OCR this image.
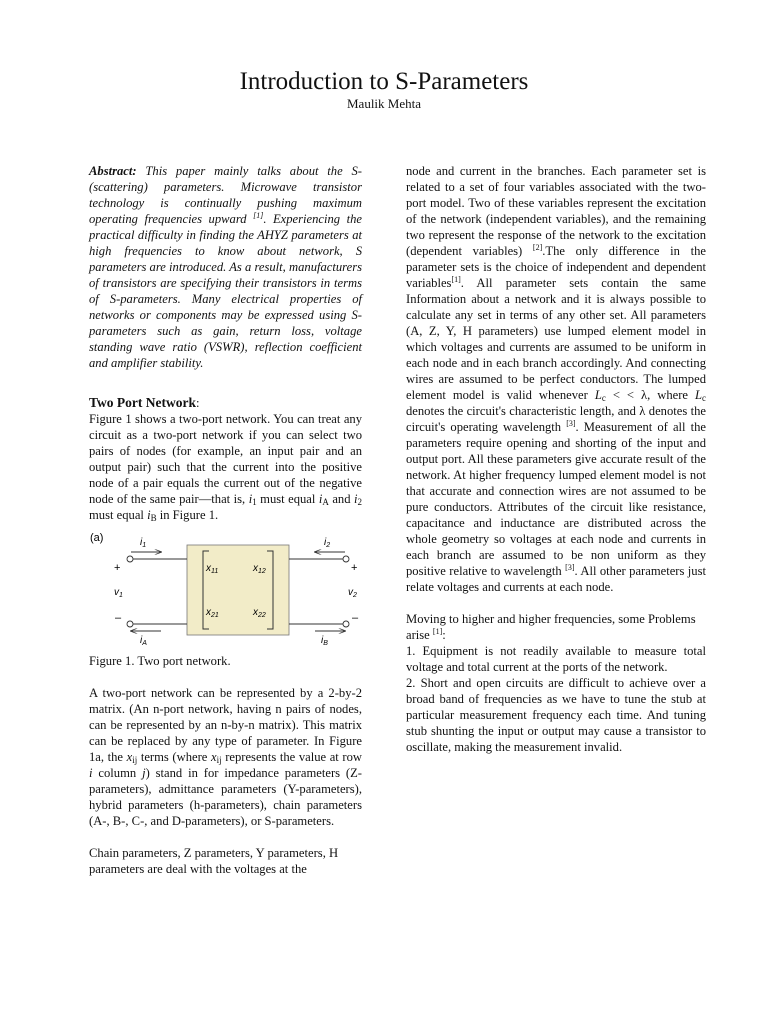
Introduction to S-Parameters
Maulik Mehta

Abstract: This paper mainly talks about the S-(scattering) parameters. Microwave transistor technology is continually pushing maximum operating frequencies upward [1]. Experiencing the practical difficulty in finding the AHYZ parameters at high frequencies to know about network, S parameters are introduced. As a result, manufacturers of transistors are specifying their transistors in terms of S-parameters. Many electrical properties of networks or components may be expressed using S-parameters such as gain, return loss, voltage standing wave ratio (VSWR), reflection coefficient and amplifier stability.

Two Port Network:

Figure 1 shows a two-port network. You can treat any circuit as a two-port network if you can select two pairs of nodes (for example, an input pair and an output pair) such that the current into the positive node of a pair equals the current out of the negative node of the same pair—that is, $i_1$ must equal $i_A$ and $i_2$ must equal $i_B$ in Figure 1.

(a)	$i_1$	$i_2$
$i_A$	$i_B$
+	+
–	–
$v_1$	$v_2$
$x_{11}$	$x_{12}$
$x_{21}$	$x_{22}$

Figure 1. Two port network.

A two-port network can be represented by a 2-by-2 matrix. (An n-port network, having n pairs of nodes, can be represented by an n-by-n matrix). This matrix can be replaced by any type of parameter. In Figure 1a, the $x_{ij}$ terms (where $x_{ij}$ represents the value at row i column j) stand in for impedance parameters (Z-parameters), admittance parameters (Y-parameters), hybrid parameters (h-parameters), chain parameters (A-, B-, C-, and D-parameters), or S-parameters.

Chain parameters, Z parameters, Y parameters, H parameters are deal with the voltages at the

node and current in the branches. Each parameter set is related to a set of four variables associated with the two-port model. Two of these variables represent the excitation of the network (independent variables), and the remaining two represent the response of the network to the excitation (dependent variables) [2].The only difference in the parameter sets is the choice of independent and dependent variables[1]. All parameter sets contain the same Information about a network and it is always possible to calculate any set in terms of any other set. All parameters (A, Z, Y, H parameters) use lumped element model in which voltages and currents are assumed to be uniform in each node and in each branch accordingly. And connecting wires are assumed to be perfect conductors. The lumped element model is valid whenever $L_c$ < < λ, where $L_c$ denotes the circuit's characteristic length, and λ denotes the circuit's operating wavelength [3]. Measurement of all the parameters require opening and shorting of the input and output port. All these parameters give accurate result of the network. At higher frequency lumped element model is not that accurate and connection wires are not assumed to be pure conductors. Attributes of the circuit like resistance, capacitance and inductance are distributed across the whole geometry so voltages at each node and currents in each branch are assumed to be non uniform as they positive relative to wavelength [3]. All other parameters just relate voltages and currents at each node.

Moving to higher and higher frequencies, some Problems arise [1]:

1. Equipment is not readily available to measure total voltage and total current at the ports of the network.

2. Short and open circuits are difficult to achieve over a broad band of frequencies as we have to tune the stub at particular measurement frequency each time. And tuning stub shunting the input or output may cause a transistor to oscillate, making the measurement invalid.
